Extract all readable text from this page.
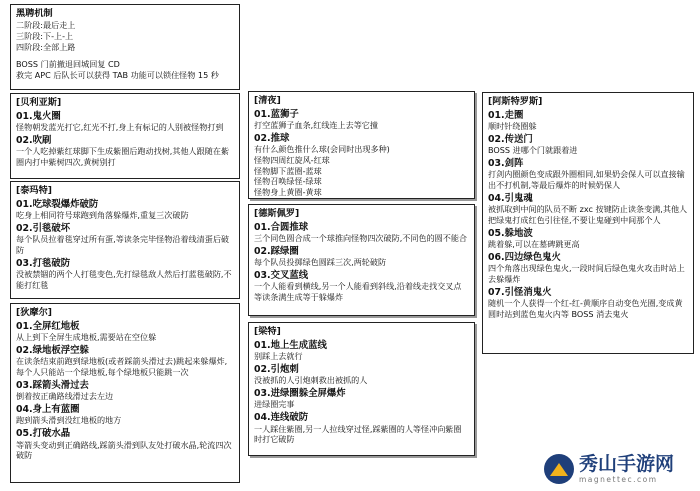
黑聘机制
二阶段:最后走上
三阶段:下-上-上
四阶段:全部上路
BOSS 门前撤退回城回复 CD
救完 APC 后队长可以获得 TAB 功能可以锁住怪物 15 秒
[贝利亚斯]
01.鬼火圈
怪物朝发蓝光打它,红光不打,身上有标记的人别被怪物打到
02.吹刷
一个人吃掉紫红球脚下生成紫圈后跑动找树,其他人跟随在紫圈内打中紫树四次,黄树别打
[泰玛特]
01.吃球裂爆炸破防
吃身上相同符号球跑到角落躲爆炸,重复三次破防
02.引毯破坏
每个队员拉着毯穿过所有蛋,等读条完毕怪物沿着线清蛋后破防
03.打毯破防
没被禁锢的两个人打毯变色,先打绿毯敌人然后打蓝毯破防,不能打红毯
[狄摩尔]
01.全屏红地板
从上到下全屏生成地板,需要站在空位躲
02.绿地板浮空躲
在读条结束前跑到绿地板(或者踩箭头滑过去)跳起来躲爆炸,每个人只能站一个绿地板,每个绿地板只能跳一次
03.踩箭头滑过去
倒着按正确路线滑过去左边
04.身上有蓝圈
跑到箭头滑到没红地板的地方
05.打破水晶
等箭头变动到正确路线,踩箭头滑到队友处打破水晶,轮流四次破防
[清夜]
01.蓝狮子
打空蓝狮子血条,红线连上去等它撞
02.推球
有什么颜色推什么球(会同时出现多种)
怪物四周红旋风-红球
怪物脚下蓝圈-蓝球
怪物召唤绿怪-绿球
怪物身上黄圈-黄球
[德斯佩罗]
01.合圆推球
三个同色圆合成一个球推向怪物四次破防,不同色的圆不能合
02.踩绿圈
每个队员投掷绿色圆踩三次,两轮破防
03.交叉蓝线
一个人能看到横线,另一个人能看到斜线,沿着线走找交叉点等读条满生成等于躲爆炸
[梁特]
01.地上生成蓝线
别踩上去就行
02.引炮刺
没被抓的人引炮刺救出被抓的人
03.进绿圈躲全屏爆炸
进绿圈完事
04.连线破防
一人踩住紫圈,另一人拉线穿过怪,踩紫圈的人等怪冲向紫圈时打它破防
[阿斯特罗斯]
01.走圈
顺时针绕圈躲
02.传送门
BOSS 进哪个门就跟着进
03.剑阵
打剑内圈颜色变成跟外圈相同,如果奶会保人可以直接输出不打机制,等最后爆炸的时候奶保人
04.引鬼魂
被抓取到中间的队员不断 zxc 按键防止读条变满,其他人把绿鬼打成红色引往怪,不要让鬼碰到中间那个人
05.躲地波
跳着躲,可以在墓碑跳更高
06.四边绿色鬼火
四个角落出现绿色鬼火,一段时间后绿色鬼火攻击时站上去躲爆炸
07.引怪消鬼火
随机一个人获得一个红-红-黄顺序自动变色光圈,变成黄圆时站到蓝色鬼火内等 BOSS 消去鬼火
秀山手游网
magnettec.com
